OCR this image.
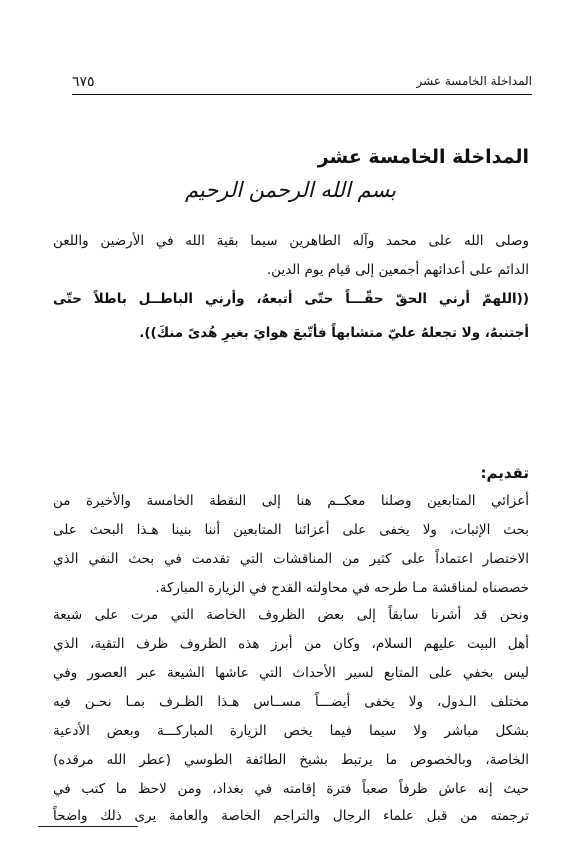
٦٧٥	المداخلة الخامسة عشر
المداخلة الخامسة عشر
بسم الله الرحمن الرحيم
وصلى الله على محمد وآله الطاهرين سيما بقية الله في الأرضين واللعن
الدائم على أعدائهم أجمعين إلى قيام يوم الدين.
((اللهمّ أرني الحقّ حقّـــاً حتّى أتبعهُ، وأرني الباطــل باطلاً حتّى
أجتنبهُ، ولا تجعلهُ عليّ متشابهاً فأتّبعَ هوايَ بغيرِ هُدىً منكَ)).
تقديم:
أعزائي المتابعين وصلنا معكــم هنا إلى النقطة الخامسة والأخيرة من
بحث الإثبات، ولا يخفى على أعزائنا المتابعين أننا بنينا هـذا البحث على
الاختصار اعتماداً على كثير من المناقشات التي تقدمت في بحث النفي الذي
خصصناه لمناقشة مـا طرحه في محاولته القدح في الزيارة المباركة.
ونحن قد أشرنا سابقاً إلى بعض الظروف الخاصة التي مرت على شيعة
أهل البيت عليهم السلام، وكان من أبرز هذه الظروف ظرف التقية، الذي
ليس بخفي على المتابع لسير الأحداث التي عاشها الشيعة عبر العصور وفي
مختلف الـدول، ولا يخفى أيضـــاً مســاس هـذا الظـرف بمـا نحـن فيه
بشكل مباشر ولا سيما فيما يخص الزيارة المباركـــة وبعض الأدعية
الخاصة، وبالخصوص ما يرتبط بشيخ الطائفة الطوسي (عطر الله مرقده)
حيث إنه عاش ظرفاً صعباً فترة إقامته في بغداد، ومن لاحظ ما كتب في
ترجمته من قبل علماء الرجال والتراجم الخاصة والعامة يرى ذلك واضحاً
